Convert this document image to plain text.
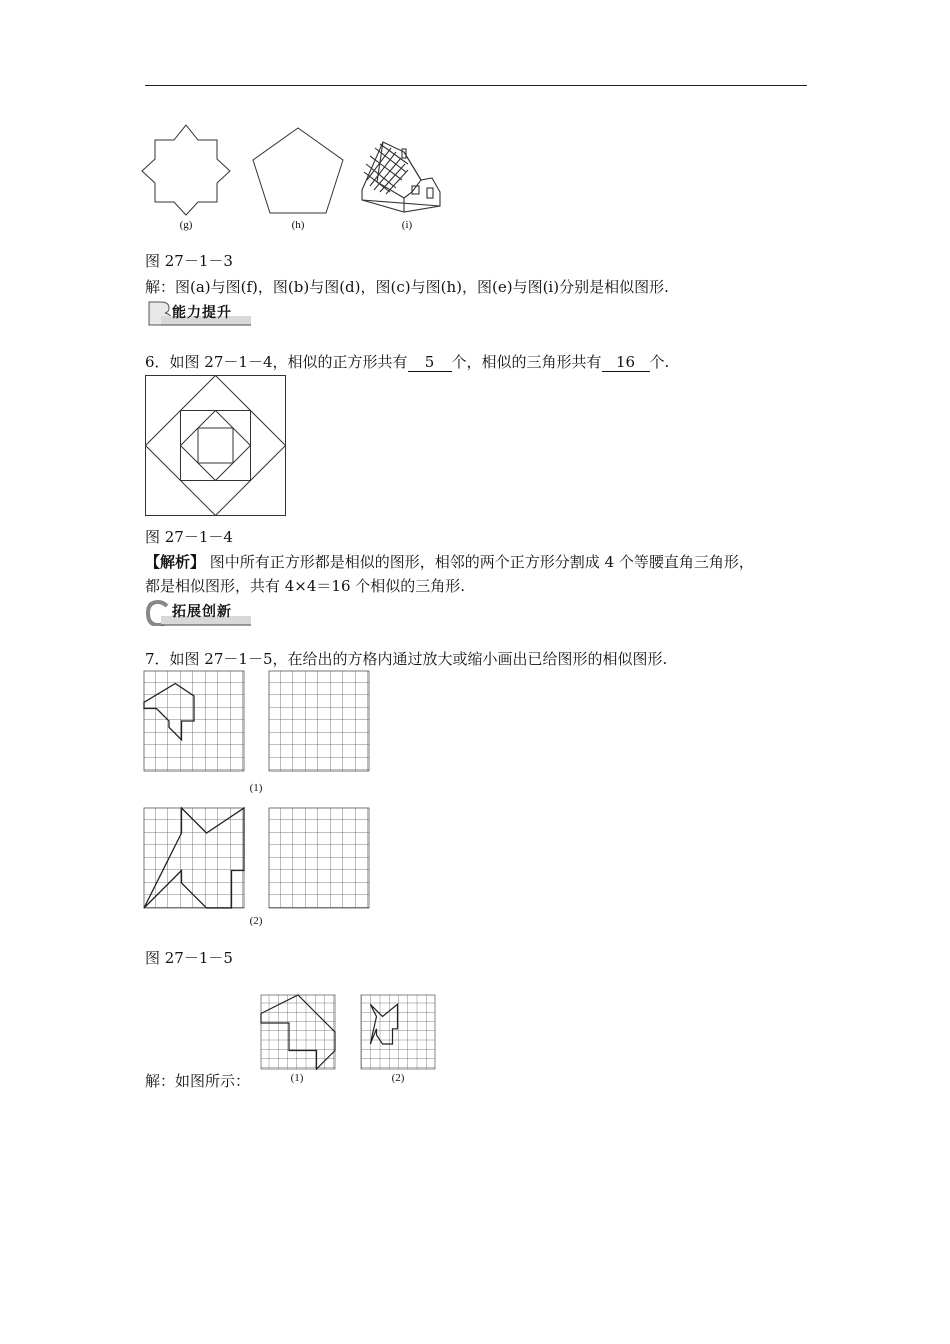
(g)	(h)	(i)
图 27－1－3
解：图(a)与图(f)，图(b)与图(d)，图(c)与图(h)，图(e)与图(i)分别是相似图形.
能力提升
6．如图 27－1－4，相似的正方形共有 5 个，相似的三角形共有 16 个.
图 27－1－4
【解析】 图中所有正方形都是相似的图形，相邻的两个正方形分割成 4 个等腰直角三角形，
都是相似图形，共有 4×4＝16 个相似的三角形.
拓展创新
7．如图 27－1－5，在给出的方格内通过放大或缩小画出已给图形的相似图形.
(1)
(2)
图 27－1－5
解：如图所示：	(1)	(2)
